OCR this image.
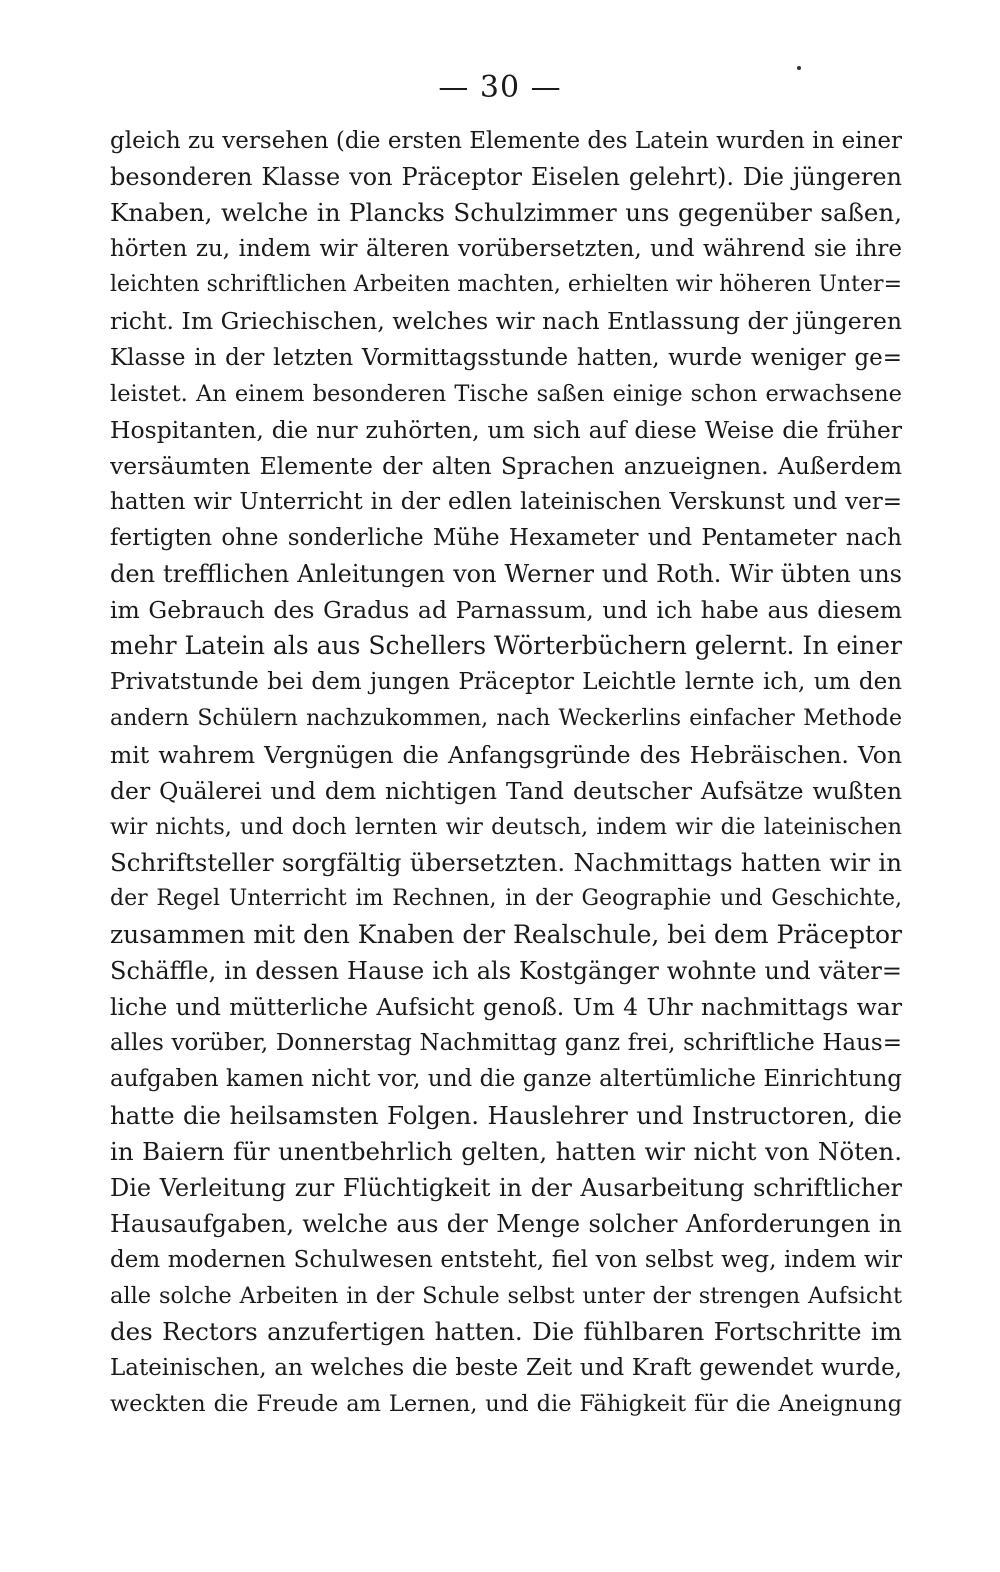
— 30 —
gleich zu versehen (die ersten Elemente des Latein wurden in einer
besonderen Klasse von Präceptor Eiselen gelehrt). Die jüngeren
Knaben, welche in Plancks Schulzimmer uns gegenüber saßen,
hörten zu, indem wir älteren vorübersetzten, und während sie ihre
leichten schriftlichen Arbeiten machten, erhielten wir höheren Unter=
richt. Im Griechischen, welches wir nach Entlassung der jüngeren
Klasse in der letzten Vormittagsstunde hatten, wurde weniger ge=
leistet. An einem besonderen Tische saßen einige schon erwachsene
Hospitanten, die nur zuhörten, um sich auf diese Weise die früher
versäumten Elemente der alten Sprachen anzueignen. Außerdem
hatten wir Unterricht in der edlen lateinischen Verskunst und ver=
fertigten ohne sonderliche Mühe Hexameter und Pentameter nach
den trefflichen Anleitungen von Werner und Roth. Wir übten uns
im Gebrauch des Gradus ad Parnassum, und ich habe aus diesem
mehr Latein als aus Schellers Wörterbüchern gelernt. In einer
Privatstunde bei dem jungen Präceptor Leichtle lernte ich, um den
andern Schülern nachzukommen, nach Weckerlins einfacher Methode
mit wahrem Vergnügen die Anfangsgründe des Hebräischen. Von
der Quälerei und dem nichtigen Tand deutscher Aufsätze wußten
wir nichts, und doch lernten wir deutsch, indem wir die lateinischen
Schriftsteller sorgfältig übersetzten. Nachmittags hatten wir in
der Regel Unterricht im Rechnen, in der Geographie und Geschichte,
zusammen mit den Knaben der Realschule, bei dem Präceptor
Schäffle, in dessen Hause ich als Kostgänger wohnte und väter=
liche und mütterliche Aufsicht genoß. Um 4 Uhr nachmittags war
alles vorüber, Donnerstag Nachmittag ganz frei, schriftliche Haus=
aufgaben kamen nicht vor, und die ganze altertümliche Einrichtung
hatte die heilsamsten Folgen. Hauslehrer und Instructoren, die
in Baiern für unentbehrlich gelten, hatten wir nicht von Nöten.
Die Verleitung zur Flüchtigkeit in der Ausarbeitung schriftlicher
Hausaufgaben, welche aus der Menge solcher Anforderungen in
dem modernen Schulwesen entsteht, fiel von selbst weg, indem wir
alle solche Arbeiten in der Schule selbst unter der strengen Aufsicht
des Rectors anzufertigen hatten. Die fühlbaren Fortschritte im
Lateinischen, an welches die beste Zeit und Kraft gewendet wurde,
weckten die Freude am Lernen, und die Fähigkeit für die Aneignung
